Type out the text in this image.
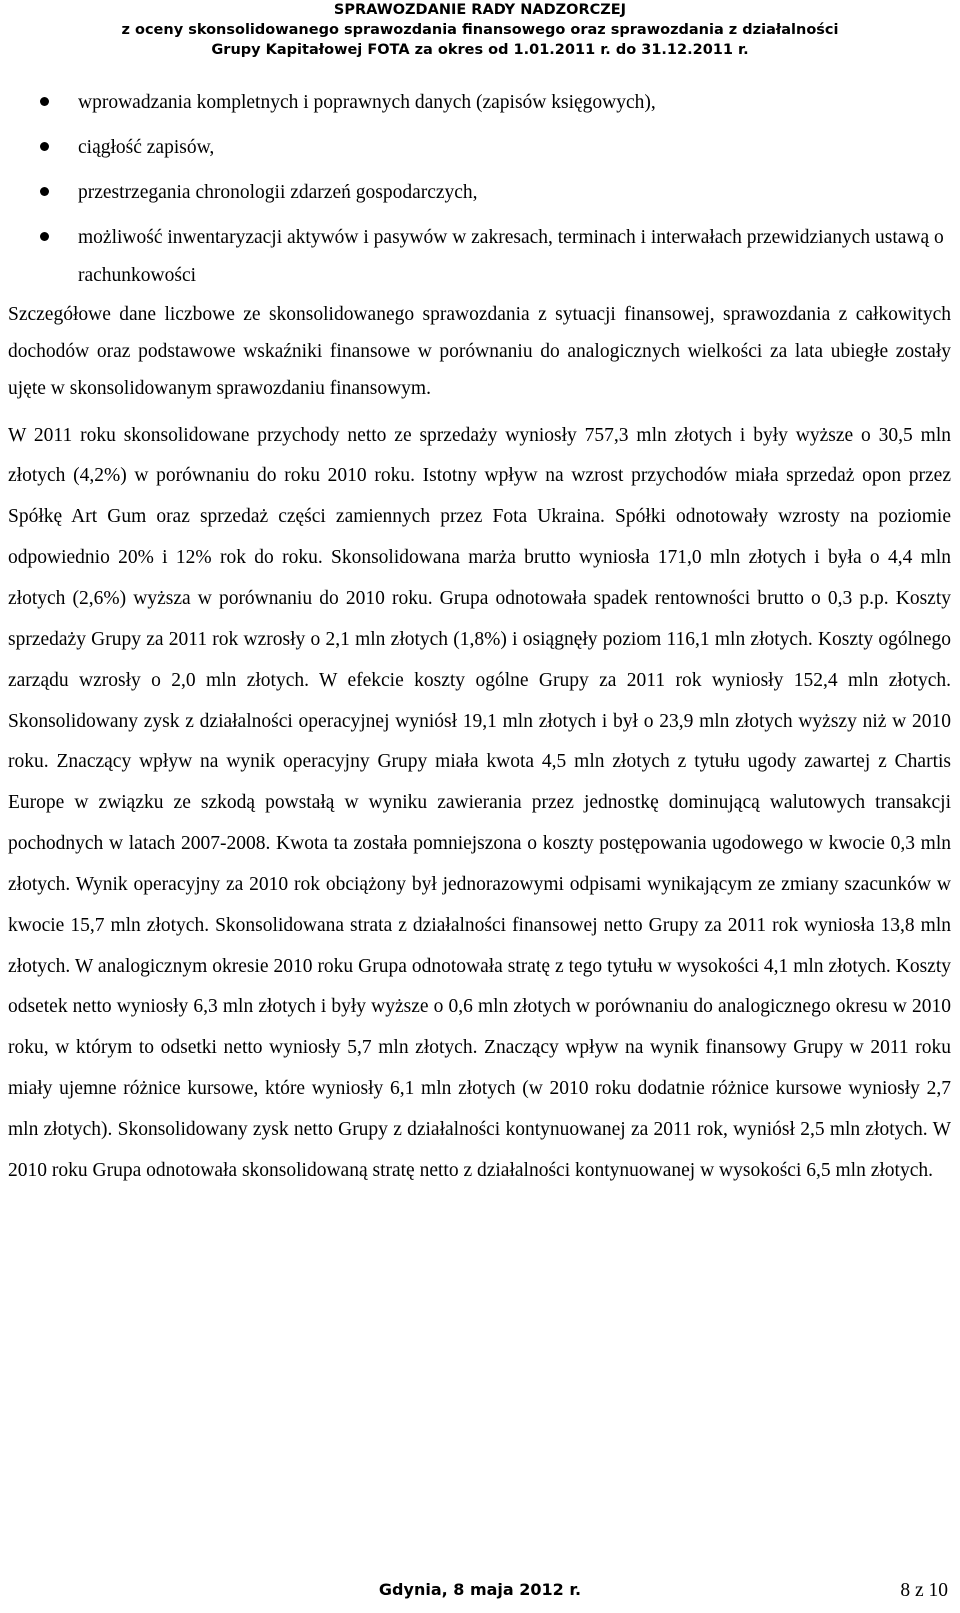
SPRAWOZDANIE RADY NADZORCZEJ
z oceny skonsolidowanego sprawozdania finansowego oraz sprawozdania z działalności
Grupy Kapitałowej FOTA za okres od 1.01.2011 r. do 31.12.2011 r.
wprowadzania kompletnych i poprawnych danych (zapisów księgowych),
ciągłość zapisów,
przestrzegania chronologii zdarzeń gospodarczych,
możliwość inwentaryzacji aktywów i pasywów w zakresach, terminach i interwałach przewidzianych ustawą o rachunkowości

Szczegółowe dane liczbowe ze skonsolidowanego sprawozdania z sytuacji finansowej, sprawozdania z całkowitych dochodów oraz podstawowe wskaźniki finansowe w porównaniu do analogicznych wielkości za lata ubiegłe zostały ujęte w skonsolidowanym sprawozdaniu finansowym.

W 2011 roku skonsolidowane przychody netto ze sprzedaży wyniosły 757,3 mln złotych i były wyższe o 30,5 mln złotych (4,2%) w porównaniu do roku 2010 roku. Istotny wpływ na wzrost przychodów miała sprzedaż opon przez Spółkę Art Gum oraz sprzedaż części zamiennych przez Fota Ukraina. Spółki odnotowały wzrosty na poziomie odpowiednio 20% i 12% rok do roku. Skonsolidowana marża brutto wyniosła 171,0 mln złotych i była o 4,4 mln złotych (2,6%) wyższa w porównaniu do 2010 roku. Grupa odnotowała spadek rentowności brutto o 0,3 p.p. Koszty sprzedaży Grupy za 2011 rok wzrosły o 2,1 mln złotych (1,8%) i osiągnęły poziom 116,1 mln złotych. Koszty ogólnego zarządu wzrosły o 2,0 mln złotych. W efekcie koszty ogólne Grupy za 2011 rok wyniosły 152,4 mln złotych. Skonsolidowany zysk z działalności operacyjnej wyniósł 19,1 mln złotych i był o 23,9 mln złotych wyższy niż w 2010 roku. Znaczący wpływ na wynik operacyjny Grupy miała kwota 4,5 mln złotych z tytułu ugody zawartej z Chartis Europe w związku ze szkodą powstałą w wyniku zawierania przez jednostkę dominującą walutowych transakcji pochodnych w latach 2007-2008. Kwota ta została pomniejszona o koszty postępowania ugodowego w kwocie 0,3 mln złotych. Wynik operacyjny za 2010 rok obciążony był jednorazowymi odpisami wynikającym ze zmiany szacunków w kwocie 15,7 mln złotych. Skonsolidowana strata z działalności finansowej netto Grupy za 2011 rok wyniosła 13,8 mln złotych. W analogicznym okresie 2010 roku Grupa odnotowała stratę z tego tytułu w wysokości 4,1 mln złotych. Koszty odsetek netto wyniosły 6,3 mln złotych i były wyższe o 0,6 mln złotych w porównaniu do analogicznego okresu w 2010 roku, w którym to odsetki netto wyniosły 5,7 mln złotych. Znaczący wpływ na wynik finansowy Grupy w 2011 roku miały ujemne różnice kursowe, które wyniosły 6,1 mln złotych (w 2010 roku dodatnie różnice kursowe wyniosły 2,7 mln złotych). Skonsolidowany zysk netto Grupy z działalności kontynuowanej za 2011 rok, wyniósł 2,5 mln złotych. W 2010 roku Grupa odnotowała skonsolidowaną stratę netto z działalności kontynuowanej w wysokości 6,5 mln złotych.

Gdynia, 8 maja 2012 r.	8 z 10
